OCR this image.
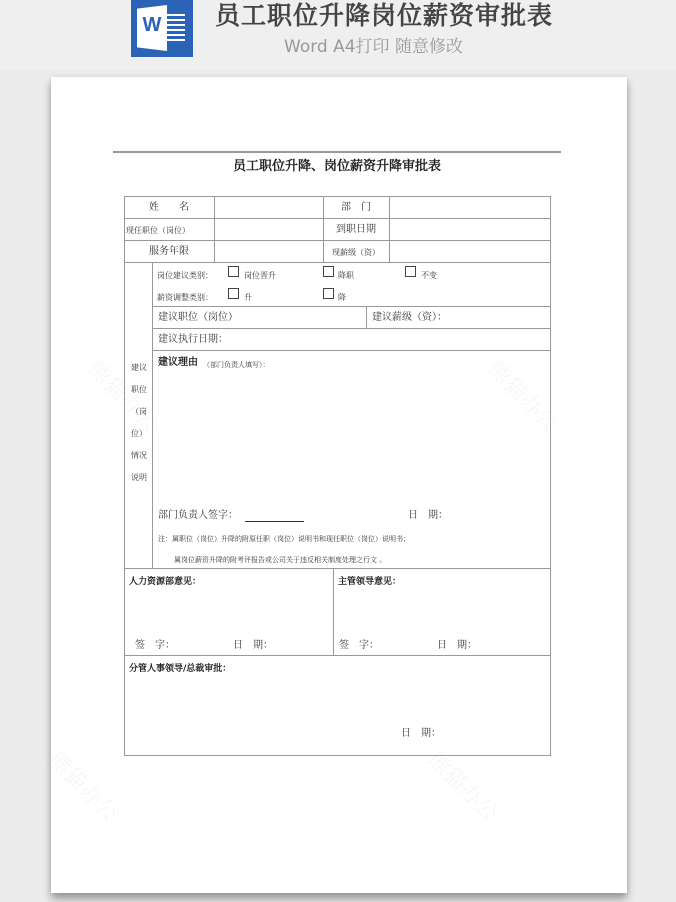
W 员工职位升降岗位薪资审批表
Word A4打印 随意修改
员工职位升降、岗位薪资升降审批表
姓　　名	部　门
现任职位（岗位）	到职日期
服务年限	现薪级（资）
建议
职位
（岗
位）
情况
说明
岗位建议类别：	岗位晋升	降职	不变
薪资调整类别：	升	降
建议职位（岗位）	建议薪级（资）：
建议执行日期：
建议理由 （部门负责人填写）：
部门负责人签字：	日　期：
注：属职位（岗位）升降的附原任职（岗位）说明书和现任职位（岗位）说明书；
属岗位薪资升降的附考评报告或公司关于违反相关制度处理之行文 。
人力资源部意见：
签　字：	日　期：
主管领导意见：
签　字：	日　期：
分管人事领导/总裁审批：
日　期：
